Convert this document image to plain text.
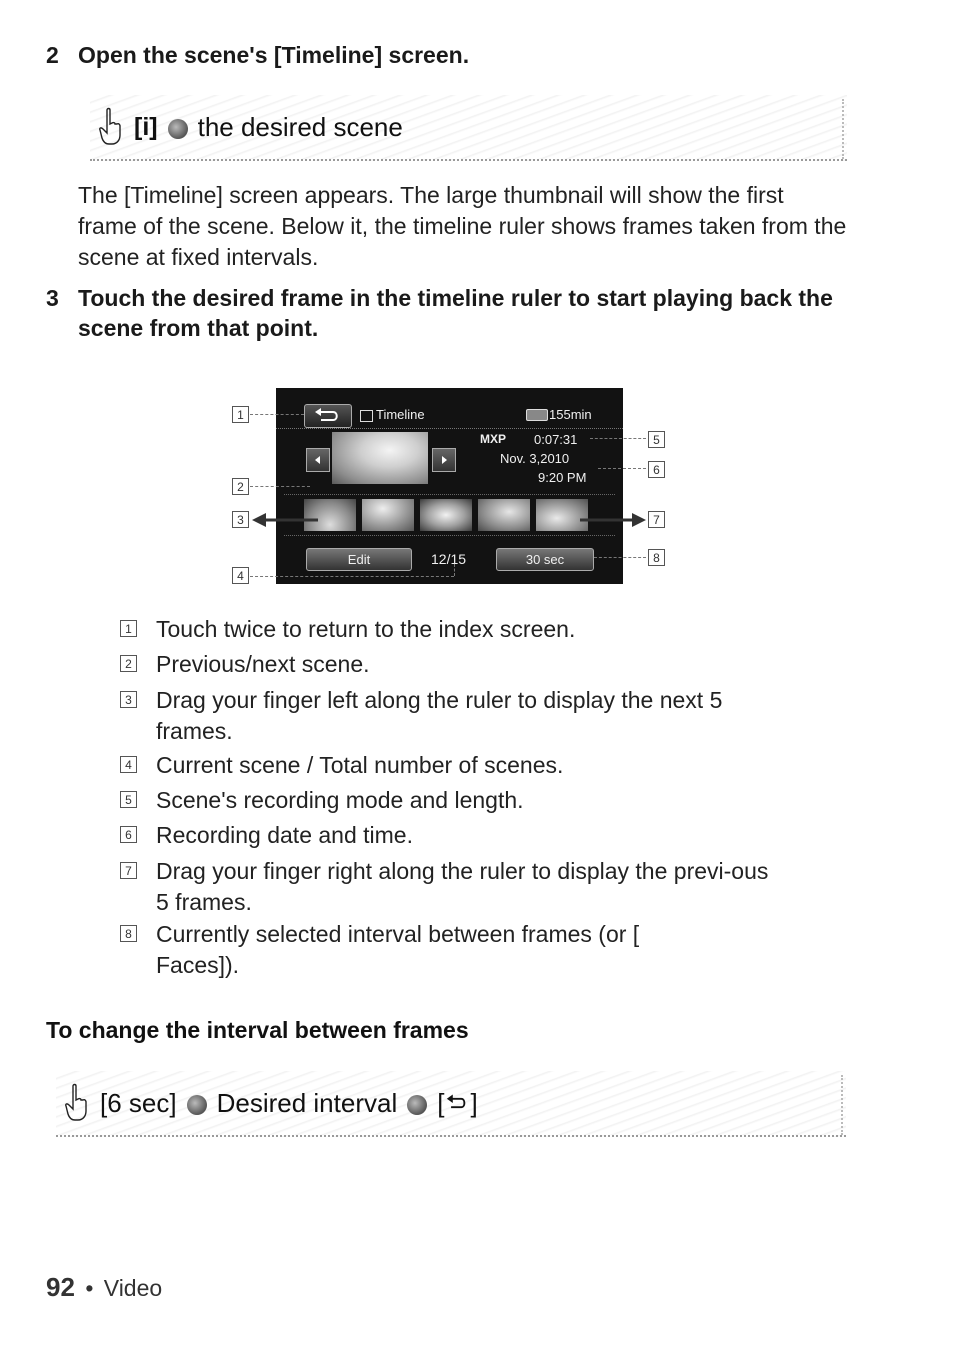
2 Open the scene's [Timeline] screen.
[i] the desired scene
The [Timeline] screen appears. The large thumbnail will show the first frame of the scene. Below it, the timeline ruler shows frames taken from the scene at fixed intervals.
3 Touch the desired frame in the timeline ruler to start playing back the scene from that point.
Timeline	155min
MXP 0:07:31
Nov. 3,2010
9:20 PM
Edit	12/15	30 sec
1
2
3
4
5
6
7
8
1 Touch twice to return to the index screen.
2 Previous/next scene.
3 Drag your finger left along the ruler to display the next 5 frames.
4 Current scene / Total number of scenes.
5 Scene's recording mode and length.
6 Recording date and time.
7 Drag your finger right along the ruler to display the previ-ous 5 frames.
8 Currently selected interval between frames (or [ Faces]).
To change the interval between frames
[6 sec] Desired interval [ ]
92 • Video
